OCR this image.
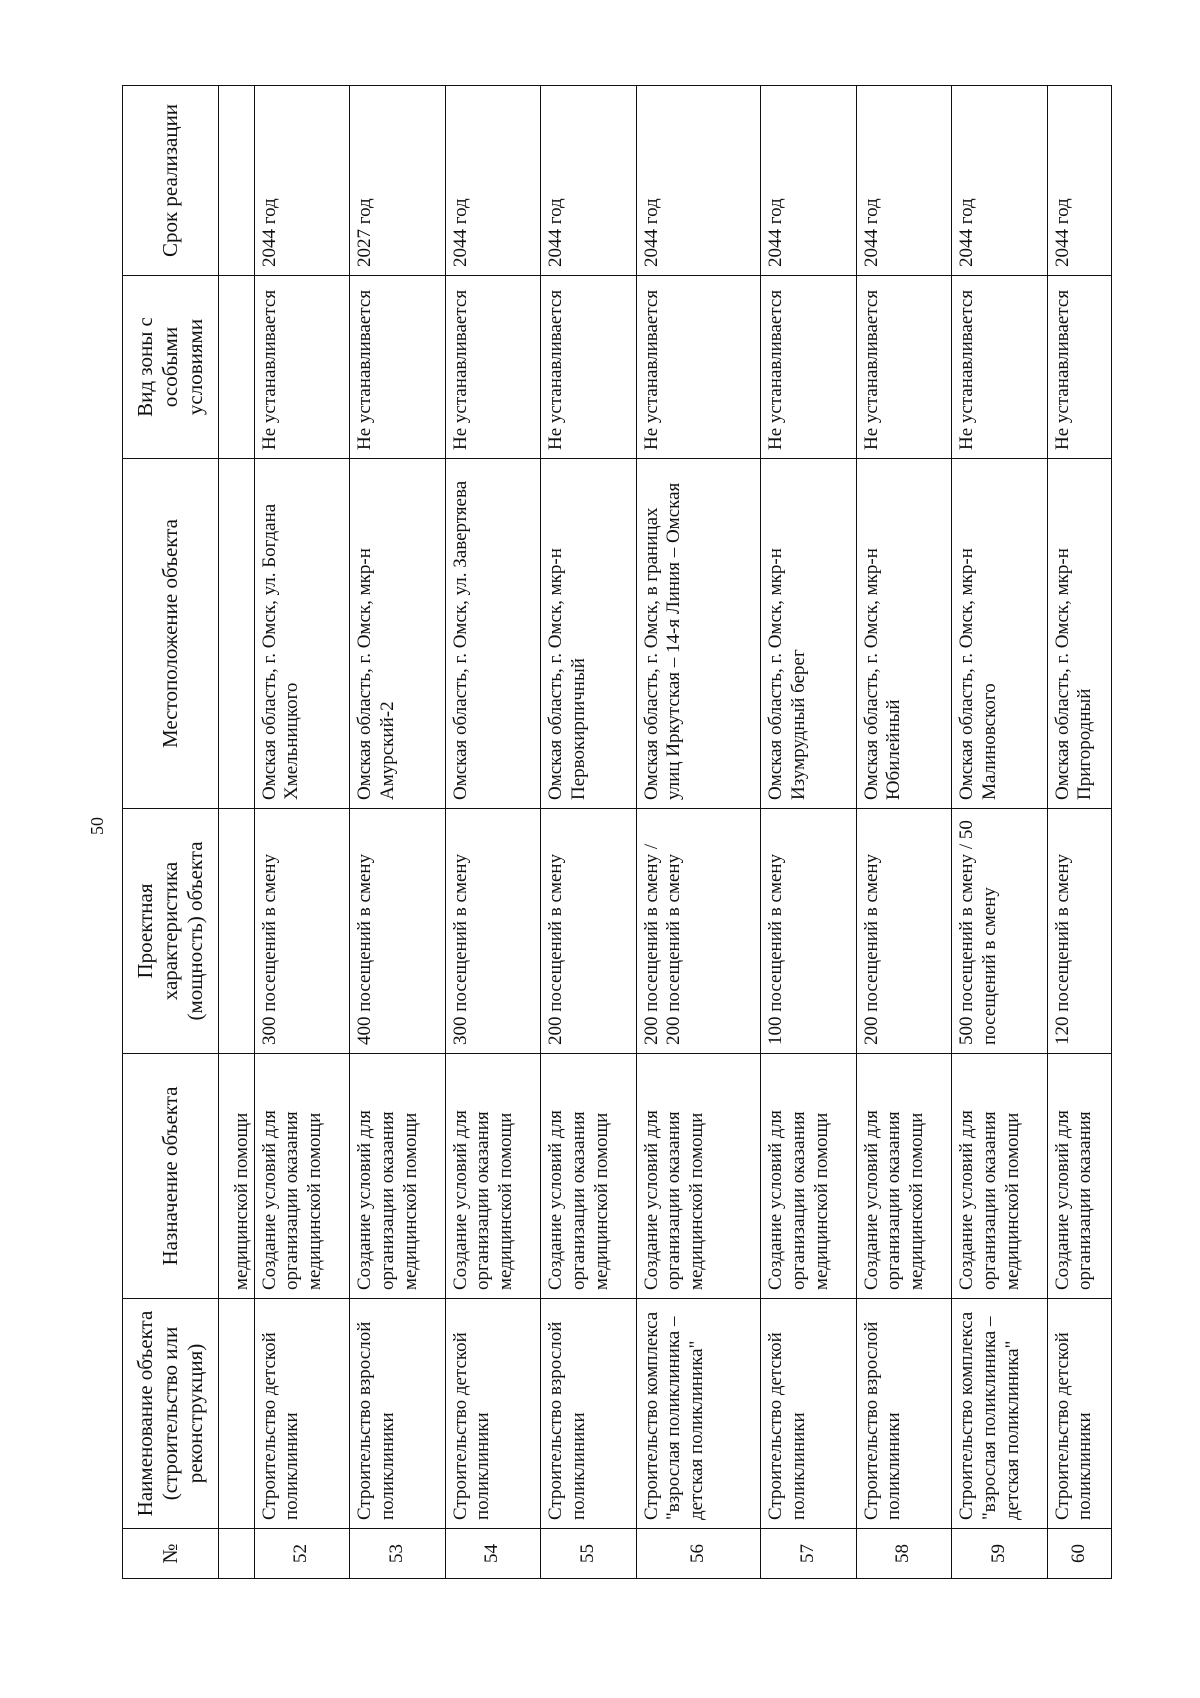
50
№	Наименование объекта (строительство или реконструкция)	Назначение объекта	Проектная характеристика (мощность) объекта	Местоположение объекта	Вид зоны с особыми условиями	Срок реализации
		медицинской помощи				
52	Строительство детской поликлиники	Создание условий для организации оказания медицинской помощи	300 посещений в смену	Омская область, г. Омск, ул. Богдана Хмельницкого	Не устанавливается	2044 год
53	Строительство взрослой поликлиники	Создание условий для организации оказания медицинской помощи	400 посещений в смену	Омская область, г. Омск, мкр-н Амурский-2	Не устанавливается	2027 год
54	Строительство детской поликлиники	Создание условий для организации оказания медицинской помощи	300 посещений в смену	Омская область, г. Омск, ул. Завертяева	Не устанавливается	2044 год
55	Строительство взрослой поликлиники	Создание условий для организации оказания медицинской помощи	200 посещений в смену	Омская область, г. Омск, мкр-н Первокирпичный	Не устанавливается	2044 год
56	Строительство комплекса "взрослая поликлиника – детская поликлиника"	Создание условий для организации оказания медицинской помощи	200 посещений в смену / 200 посещений в смену	Омская область, г. Омск, в границах улиц Иркутская – 14-я Линия – Омская	Не устанавливается	2044 год
57	Строительство детской поликлиники	Создание условий для организации оказания медицинской помощи	100 посещений в смену	Омская область, г. Омск, мкр-н Изумрудный берег	Не устанавливается	2044 год
58	Строительство взрослой поликлиники	Создание условий для организации оказания медицинской помощи	200 посещений в смену	Омская область, г. Омск, мкр-н Юбилейный	Не устанавливается	2044 год
59	Строительство комплекса "взрослая поликлиника – детская поликлиника"	Создание условий для организации оказания медицинской помощи	500 посещений в смену / 50 посещений в смену	Омская область, г. Омск, мкр-н Малиновского	Не устанавливается	2044 год
60	Строительство детской поликлиники	Создание условий для организации оказания	120 посещений в смену	Омская область, г. Омск, мкр-н Пригородный	Не устанавливается	2044 год
